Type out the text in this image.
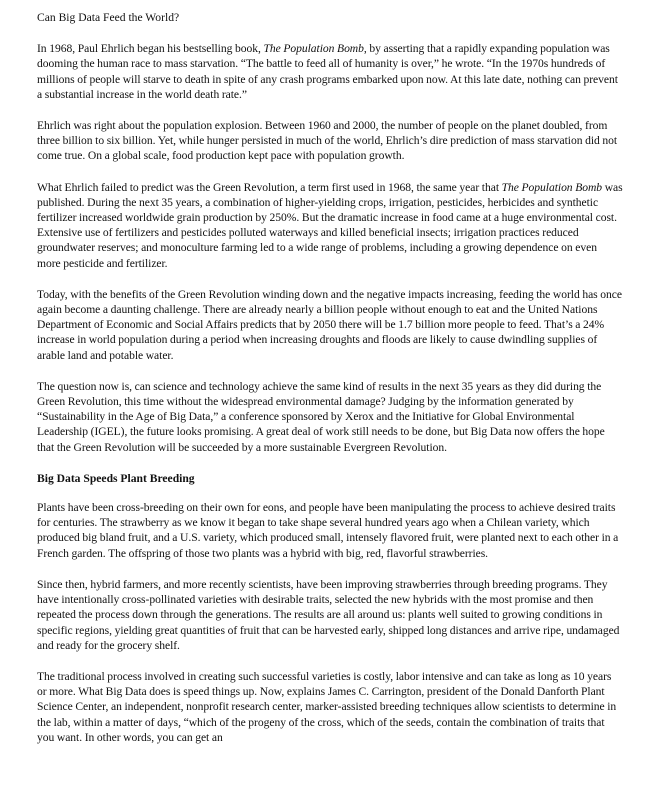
Can Big Data Feed the World?

In 1968, Paul Ehrlich began his bestselling book, The Population Bomb, by asserting that a rapidly expanding population was dooming the human race to mass starvation. “The battle to feed all of humanity is over,” he wrote. “In the 1970s hundreds of millions of people will starve to death in spite of any crash programs embarked upon now. At this late date, nothing can prevent a substantial increase in the world death rate.”

Ehrlich was right about the population explosion. Between 1960 and 2000, the number of people on the planet doubled, from three billion to six billion. Yet, while hunger persisted in much of the world, Ehrlich’s dire prediction of mass starvation did not come true. On a global scale, food production kept pace with population growth.

What Ehrlich failed to predict was the Green Revolution, a term first used in 1968, the same year that The Population Bomb was published. During the next 35 years, a combination of higher-yielding crops, irrigation, pesticides, herbicides and synthetic fertilizer increased worldwide grain production by 250%. But the dramatic increase in food came at a huge environmental cost. Extensive use of fertilizers and pesticides polluted waterways and killed beneficial insects; irrigation practices reduced groundwater reserves; and monoculture farming led to a wide range of problems, including a growing dependence on even more pesticide and fertilizer.

Today, with the benefits of the Green Revolution winding down and the negative impacts increasing, feeding the world has once again become a daunting challenge. There are already nearly a billion people without enough to eat and the United Nations Department of Economic and Social Affairs predicts that by 2050 there will be 1.7 billion more people to feed. That’s a 24% increase in world population during a period when increasing droughts and floods are likely to cause dwindling supplies of arable land and potable water.

The question now is, can science and technology achieve the same kind of results in the next 35 years as they did during the Green Revolution, this time without the widespread environmental damage? Judging by the information generated by “Sustainability in the Age of Big Data,” a conference sponsored by Xerox and the Initiative for Global Environmental Leadership (IGEL), the future looks promising. A great deal of work still needs to be done, but Big Data now offers the hope that the Green Revolution will be succeeded by a more sustainable Evergreen Revolution.

Big Data Speeds Plant Breeding

Plants have been cross-breeding on their own for eons, and people have been manipulating the process to achieve desired traits for centuries. The strawberry as we know it began to take shape several hundred years ago when a Chilean variety, which produced big bland fruit, and a U.S. variety, which produced small, intensely flavored fruit, were planted next to each other in a French garden. The offspring of those two plants was a hybrid with big, red, flavorful strawberries.

Since then, hybrid farmers, and more recently scientists, have been improving strawberries through breeding programs. They have intentionally cross-pollinated varieties with desirable traits, selected the new hybrids with the most promise and then repeated the process down through the generations. The results are all around us: plants well suited to growing conditions in specific regions, yielding great quantities of fruit that can be harvested early, shipped long distances and arrive ripe, undamaged and ready for the grocery shelf.

The traditional process involved in creating such successful varieties is costly, labor intensive and can take as long as 10 years or more. What Big Data does is speed things up. Now, explains James C. Carrington, president of the Donald Danforth Plant Science Center, an independent, nonprofit research center, marker-assisted breeding techniques allow scientists to determine in the lab, within a matter of days, “which of the progeny of the cross, which of the seeds, contain the combination of traits that you want. In other words, you can get an
